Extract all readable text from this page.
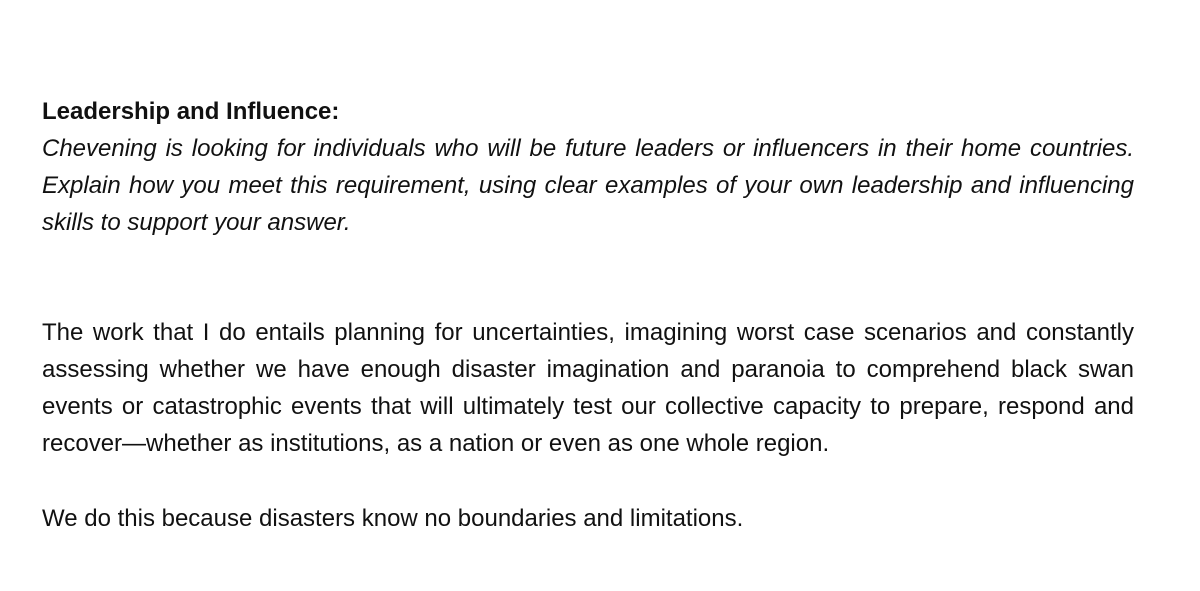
Leadership and Influence:

Chevening is looking for individuals who will be future leaders or influencers in their home countries. Explain how you meet this requirement, using clear examples of your own leadership and influencing skills to support your answer.

The work that I do entails planning for uncertainties, imagining worst case scenarios and constantly assessing whether we have enough disaster imagination and paranoia to comprehend black swan events or catastrophic events that will ultimately test our collective capacity to prepare, respond and recover—whether as institutions, as a nation or even as one whole region.

We do this because disasters know no boundaries and limitations.
